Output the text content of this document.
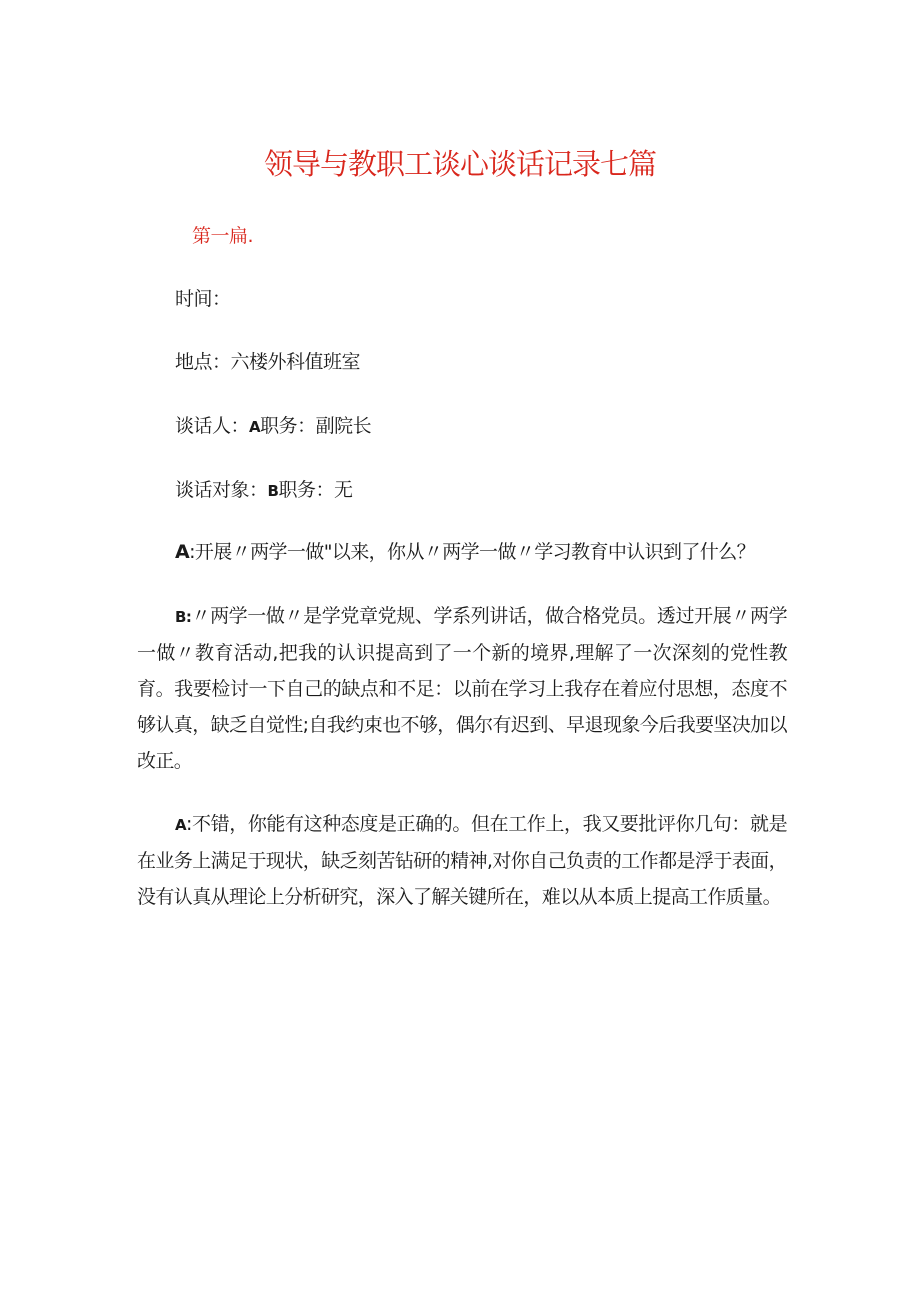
领导与教职工谈心谈话记录七篇
第一扁.
时间：
地点：六楼外科值班室
谈话人：A职务：副院长
谈话对象：B职务：无
A:开展〃两学一做"以来，你从〃两学一做〃学习教育中认识到了什么？
B:〃两学一做〃是学党章党规、学系列讲话，做合格党员。透过开展〃两学一做〃教育活动,把我的认识提高到了一个新的境界,理解了一次深刻的党性教育。我要检讨一下自己的缺点和不足：以前在学习上我存在着应付思想，态度不够认真，缺乏自觉性;自我约束也不够，偶尔有迟到、早退现象今后我要坚决加以改正。
A:不错，你能有这种态度是正确的。但在工作上，我又要批评你几句：就是在业务上满足于现状，缺乏刻苦钻研的精神,对你自己负责的工作都是浮于表面，没有认真从理论上分析研究，深入了解关键所在，难以从本质上提高工作质量。
